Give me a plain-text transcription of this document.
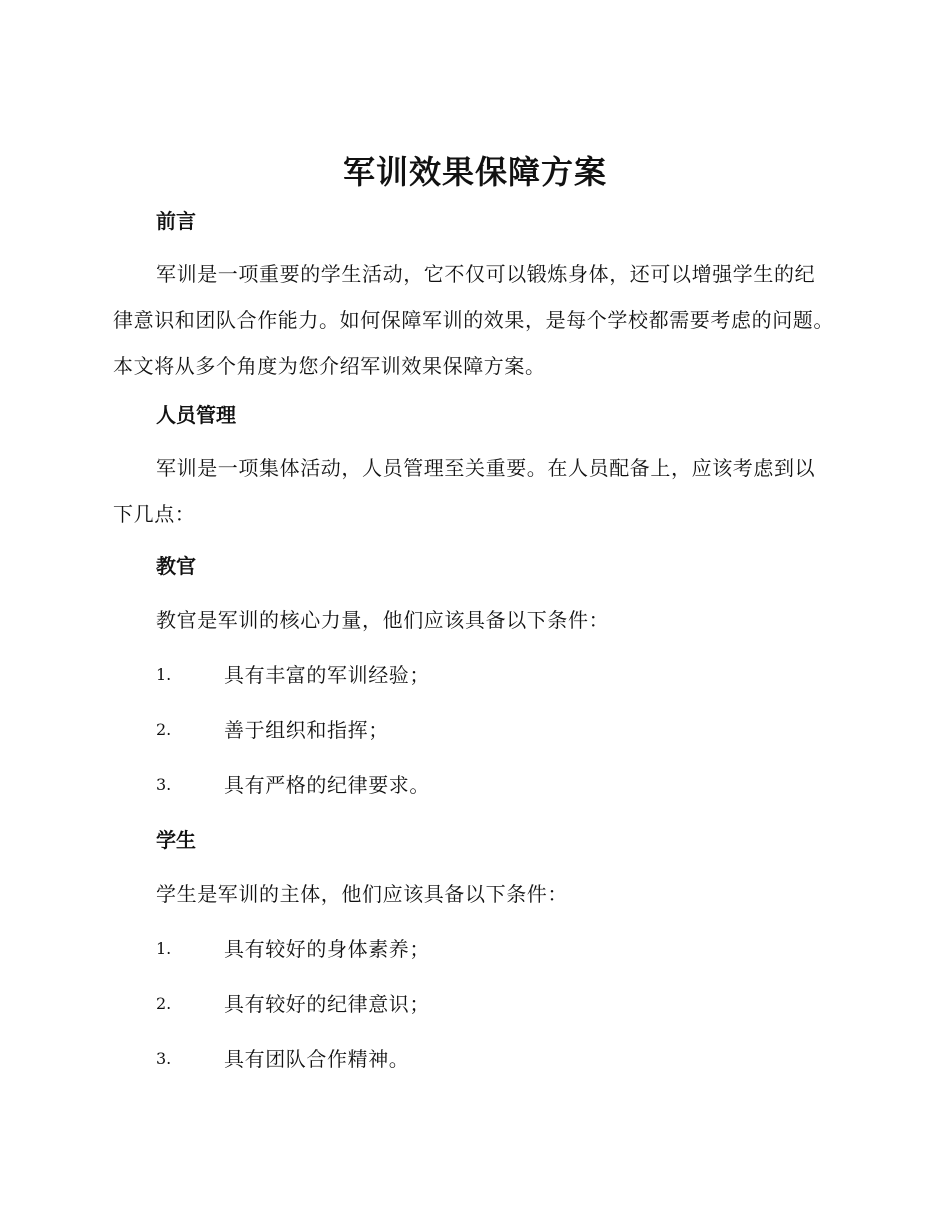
军训效果保障方案
前言
军训是一项重要的学生活动，它不仅可以锻炼身体，还可以增强学生的纪律意识和团队合作能力。如何保障军训的效果，是每个学校都需要考虑的问题。本文将从多个角度为您介绍军训效果保障方案。
人员管理
军训是一项集体活动，人员管理至关重要。在人员配备上，应该考虑到以下几点：
教官
教官是军训的核心力量，他们应该具备以下条件：
1.	具有丰富的军训经验；
2.	善于组织和指挥；
3.	具有严格的纪律要求。
学生
学生是军训的主体，他们应该具备以下条件：
1.	具有较好的身体素养；
2.	具有较好的纪律意识；
3.	具有团队合作精神。
